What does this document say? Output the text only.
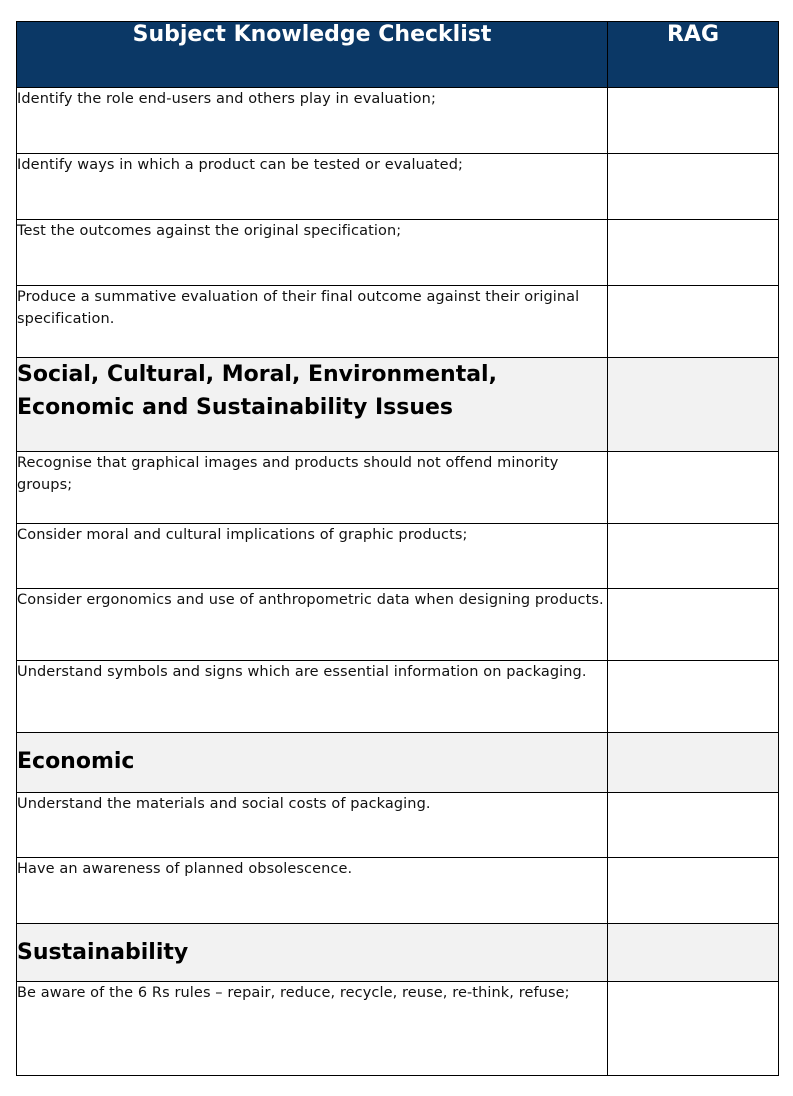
Subject Knowledge Checklist	RAG
Identify the role end-users and others play in evaluation;	
Identify ways in which a product can be tested or evaluated;	
Test the outcomes against the original specification;	
Produce a summative evaluation of their final outcome against their original specification.	
Social, Cultural, Moral, Environmental, Economic and Sustainability Issues	
Recognise that graphical images and products should not offend minority groups;	
Consider moral and cultural implications of graphic products;	
Consider ergonomics and use of anthropometric data when designing products.	
Understand symbols and signs which are essential information on packaging.	
Economic	
Understand the materials and social costs of packaging.	
Have an awareness of planned obsolescence.	
Sustainability	
Be aware of the 6 Rs rules – repair, reduce, recycle, reuse, re-think, refuse;	
